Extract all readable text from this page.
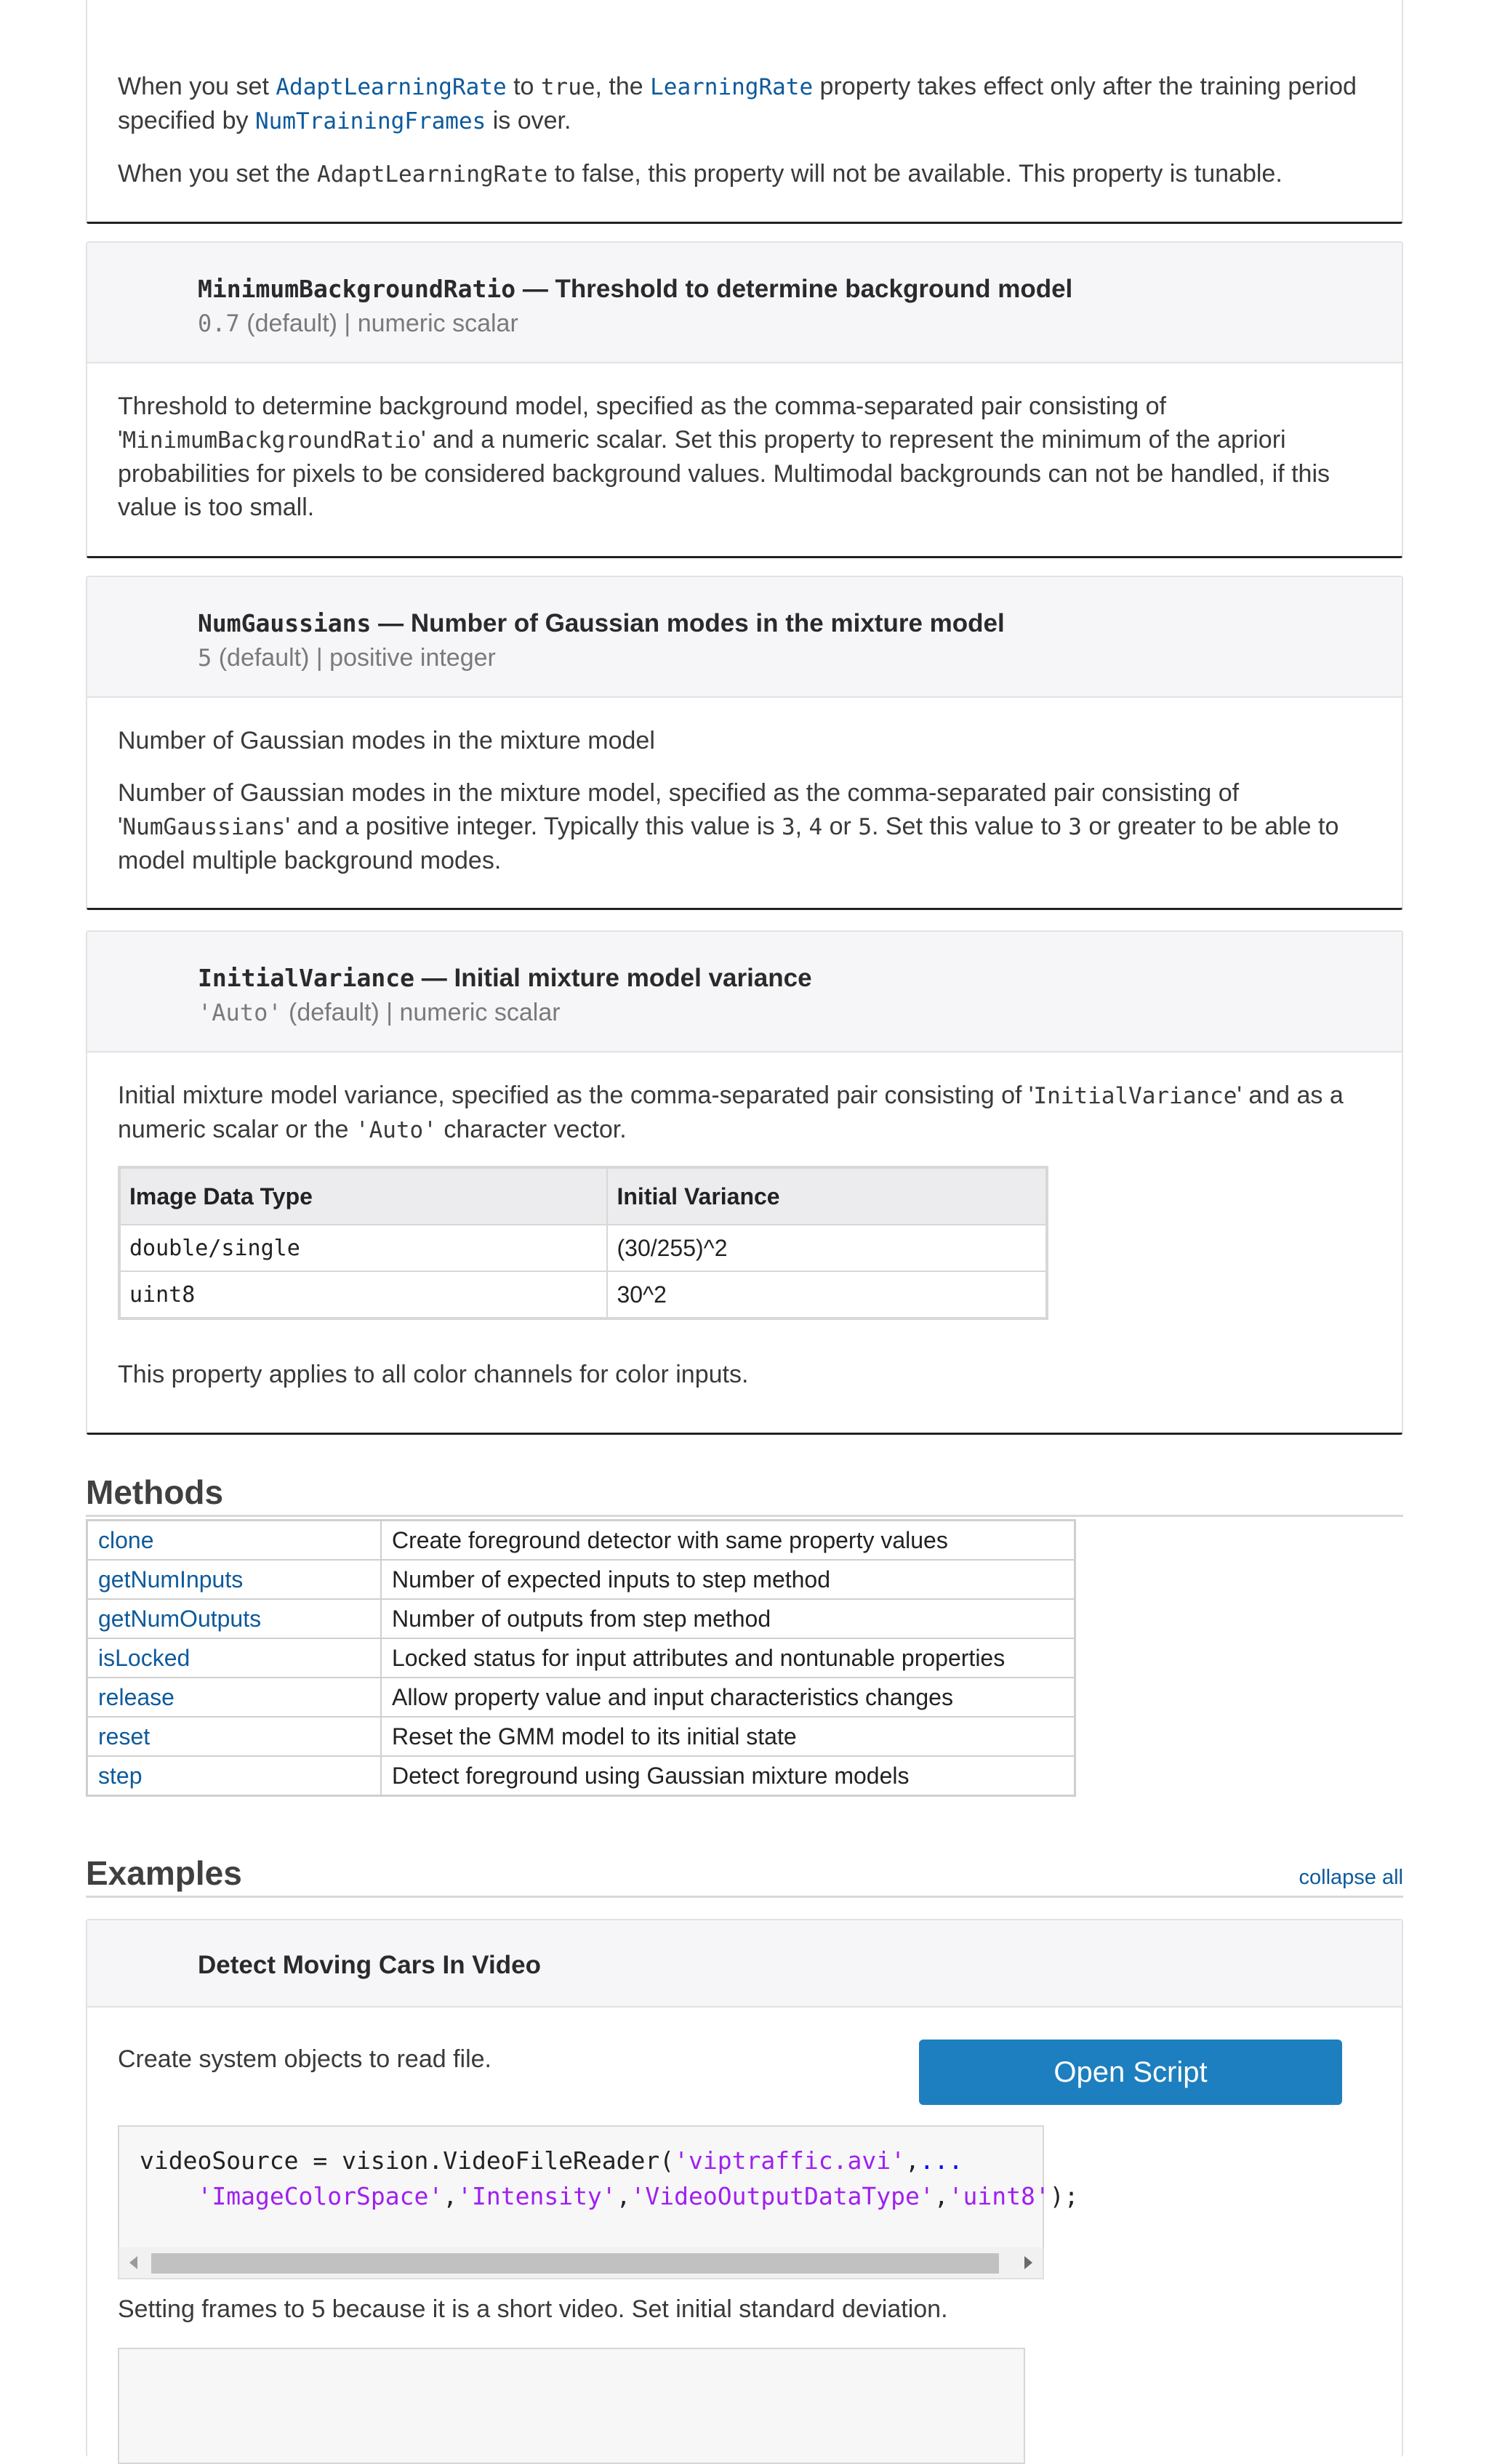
When you set AdaptLearningRate to true, the LearningRate property takes effect only after the training period specified by NumTrainingFrames is over.

When you set the AdaptLearningRate to false, this property will not be available. This property is tunable.

MinimumBackgroundRatio — Threshold to determine background model
0.7 (default) | numeric scalar

Threshold to determine background model, specified as the comma-separated pair consisting of 'MinimumBackgroundRatio' and a numeric scalar. Set this property to represent the minimum of the apriori probabilities for pixels to be considered background values. Multimodal backgrounds can not be handled, if this value is too small.

NumGaussians — Number of Gaussian modes in the mixture model
5 (default) | positive integer

Number of Gaussian modes in the mixture model

Number of Gaussian modes in the mixture model, specified as the comma-separated pair consisting of 'NumGaussians' and a positive integer. Typically this value is 3, 4 or 5. Set this value to 3 or greater to be able to model multiple background modes.

InitialVariance — Initial mixture model variance
'Auto' (default) | numeric scalar

Initial mixture model variance, specified as the comma-separated pair consisting of 'InitialVariance' and as a numeric scalar or the 'Auto' character vector.

Image Data Type	Initial Variance
double/single	(30/255)^2
uint8	30^2

This property applies to all color channels for color inputs.

Methods
clone	Create foreground detector with same property values
getNumInputs	Number of expected inputs to step method
getNumOutputs	Number of outputs from step method
isLocked	Locked status for input attributes and nontunable properties
release	Allow property value and input characteristics changes
reset	Reset the GMM model to its initial state
step	Detect foreground using Gaussian mixture models
Examples	collapse all
Detect Moving Cars In Video

Create system objects to read file.	Open Script
videoSource = vision.VideoFileReader('viptraffic.avi',...
'ImageColorSpace','Intensity','VideoOutputDataType','uint8');

Setting frames to 5 because it is a short video. Set initial standard deviation.
